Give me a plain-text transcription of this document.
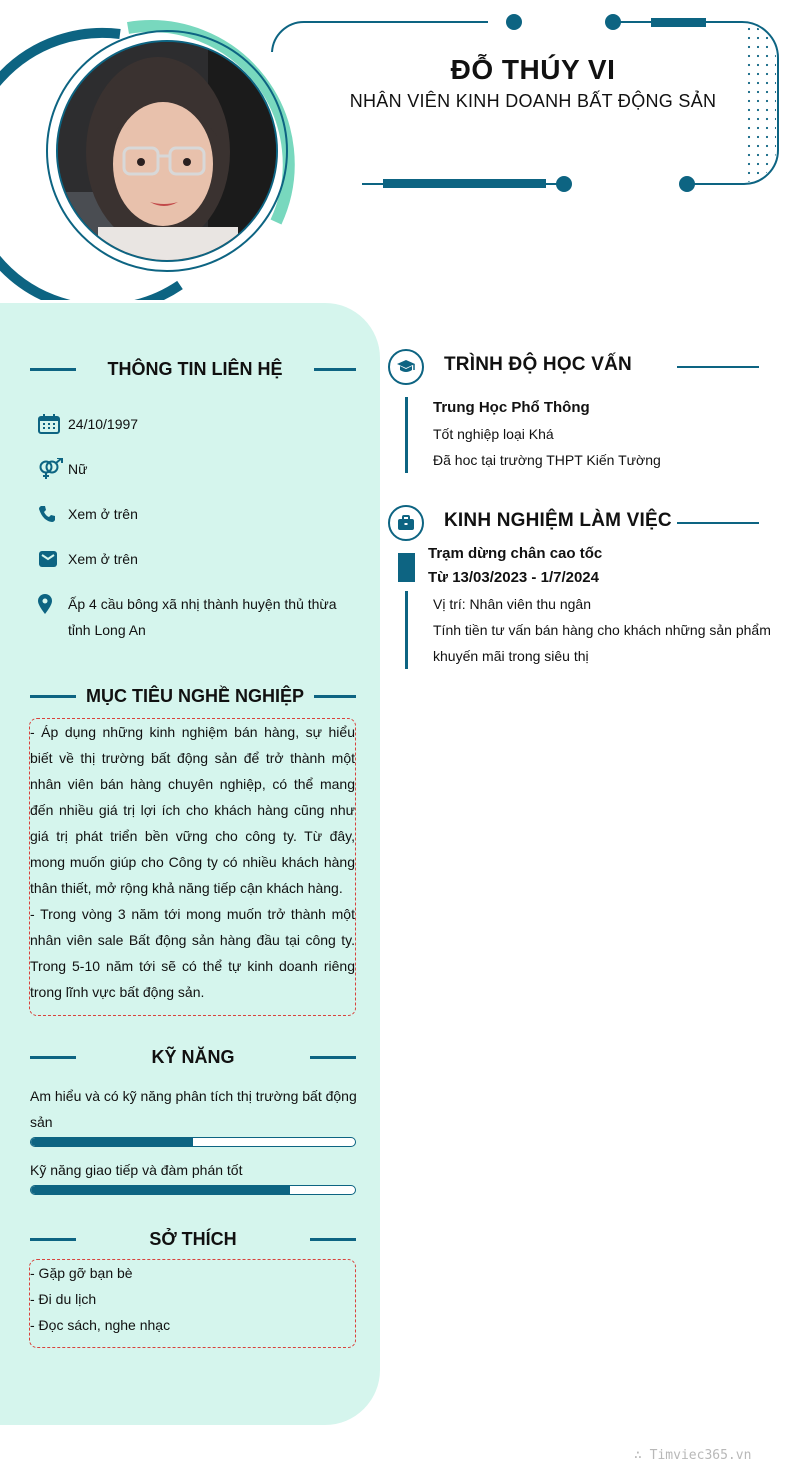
ĐỖ THÚY VI
NHÂN VIÊN KINH DOANH BẤT ĐỘNG SẢN
THÔNG TIN LIÊN HỆ
24/10/1997
Nữ
Xem ở trên
Xem ở trên
Ấp 4 cầu bông xã nhị thành huyện thủ thừa tỉnh Long An
MỤC TIÊU NGHỀ NGHIỆP

- Áp dụng những kinh nghiệm bán hàng, sự hiểu biết về thị trường bất động sản để trở thành một nhân viên bán hàng chuyên nghiệp, có thể mang đến nhiều giá trị lợi ích cho khách hàng cũng như giá trị phát triển bền vững cho công ty. Từ đây, mong muốn giúp cho Công ty có nhiều khách hàng thân thiết, mở rộng khả năng tiếp cận khách hàng.

- Trong vòng 3 năm tới mong muốn trở thành một nhân viên sale Bất động sản hàng đầu tại công ty. Trong 5-10 năm tới sẽ có thể tự kinh doanh riêng trong lĩnh vực bất động sản.

KỸ NĂNG
Am hiểu và có kỹ năng phân tích thị trường bất động sản
Kỹ năng giao tiếp và đàm phán tốt
SỞ THÍCH

- Gặp gỡ bạn bè

- Đi du lịch

- Đọc sách, nghe nhạc

TRÌNH ĐỘ HỌC VẤN
Trung Học Phổ Thông
Tốt nghiệp loại Khá
Đã hoc tại trường THPT Kiến Tường
KINH NGHIỆM LÀM VIỆC
Trạm dừng chân cao tốc
Từ 13/03/2023 - 1/7/2024
Vị trí: Nhân viên thu ngân
Tính tiền tư vấn bán hàng cho khách những sản phẩm khuyến mãi trong siêu thị
∴ Timviec365.vn
